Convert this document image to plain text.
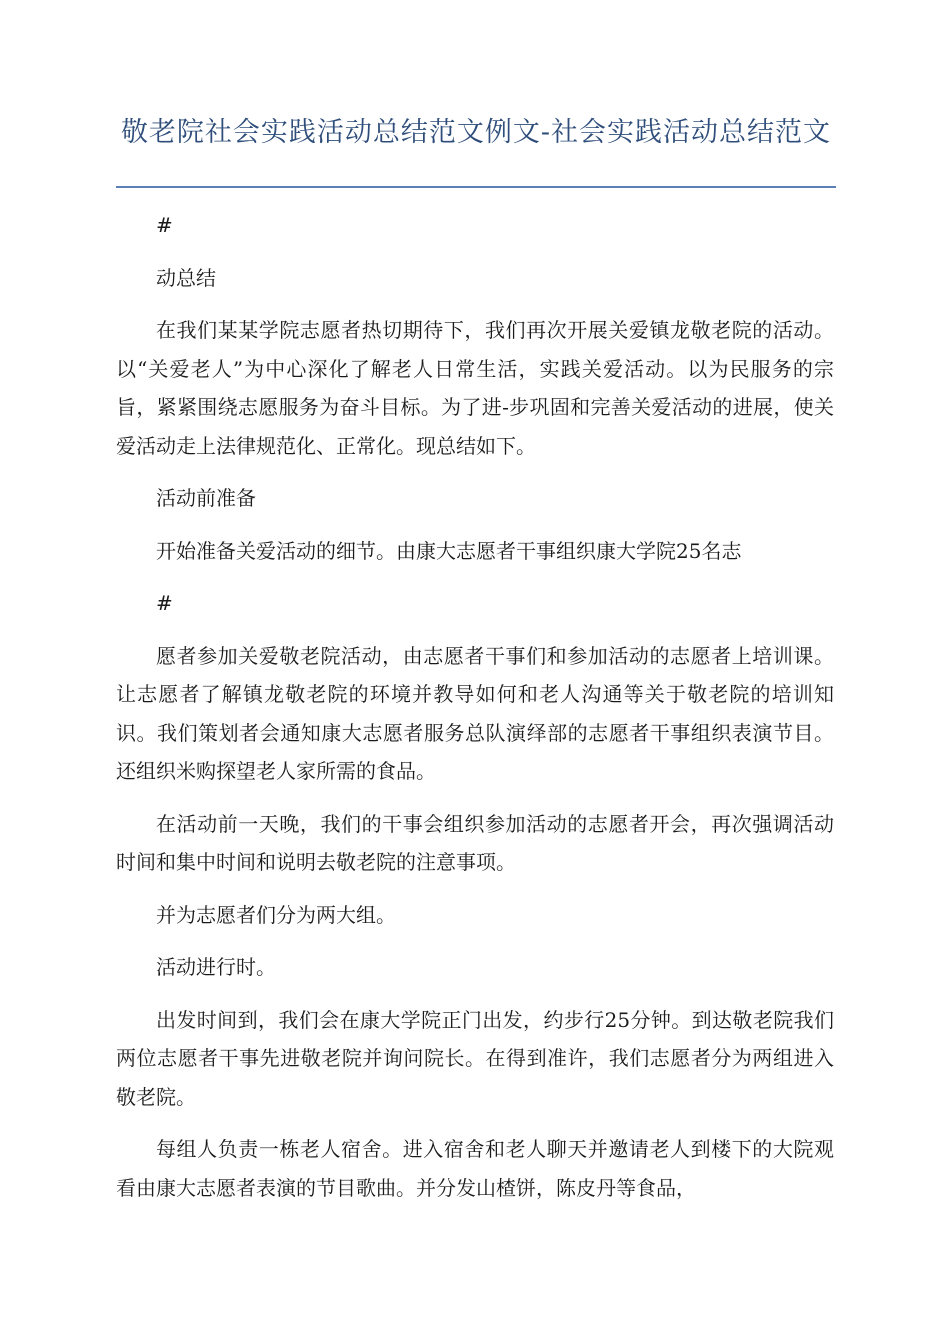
敬老院社会实践活动总结范文例文-社会实践活动总结范文

#

动总结

在我们某某学院志愿者热切期待下，我们再次开展关爱镇龙敬老院的活动。以“关爱老人”为中心深化了解老人日常生活，实践关爱活动。以为民服务的宗旨，紧紧围绕志愿服务为奋斗目标。为了进-步巩固和完善关爱活动的进展，使关爱活动走上法律规范化、正常化。现总结如下。

活动前准备

开始准备关爱活动的细节。由康大志愿者干事组织康大学院25名志

#

愿者参加关爱敬老院活动，由志愿者干事们和参加活动的志愿者上培训课。让志愿者了解镇龙敬老院的环境并教导如何和老人沟通等关于敬老院的培训知识。我们策划者会通知康大志愿者服务总队演绎部的志愿者干事组织表演节目。还组织米购探望老人家所需的食品。

在活动前一天晚，我们的干事会组织参加活动的志愿者开会，再次强调活动时间和集中时间和说明去敬老院的注意事项。

并为志愿者们分为两大组。

活动进行时。

出发时间到，我们会在康大学院正门出发，约步行25分钟。到达敬老院我们两位志愿者干事先进敬老院并询问院长。在得到准许，我们志愿者分为两组进入敬老院。

每组人负责一栋老人宿舍。进入宿舍和老人聊天并邀请老人到楼下的大院观看由康大志愿者表演的节目歌曲。并分发山楂饼，陈皮丹等食品，
